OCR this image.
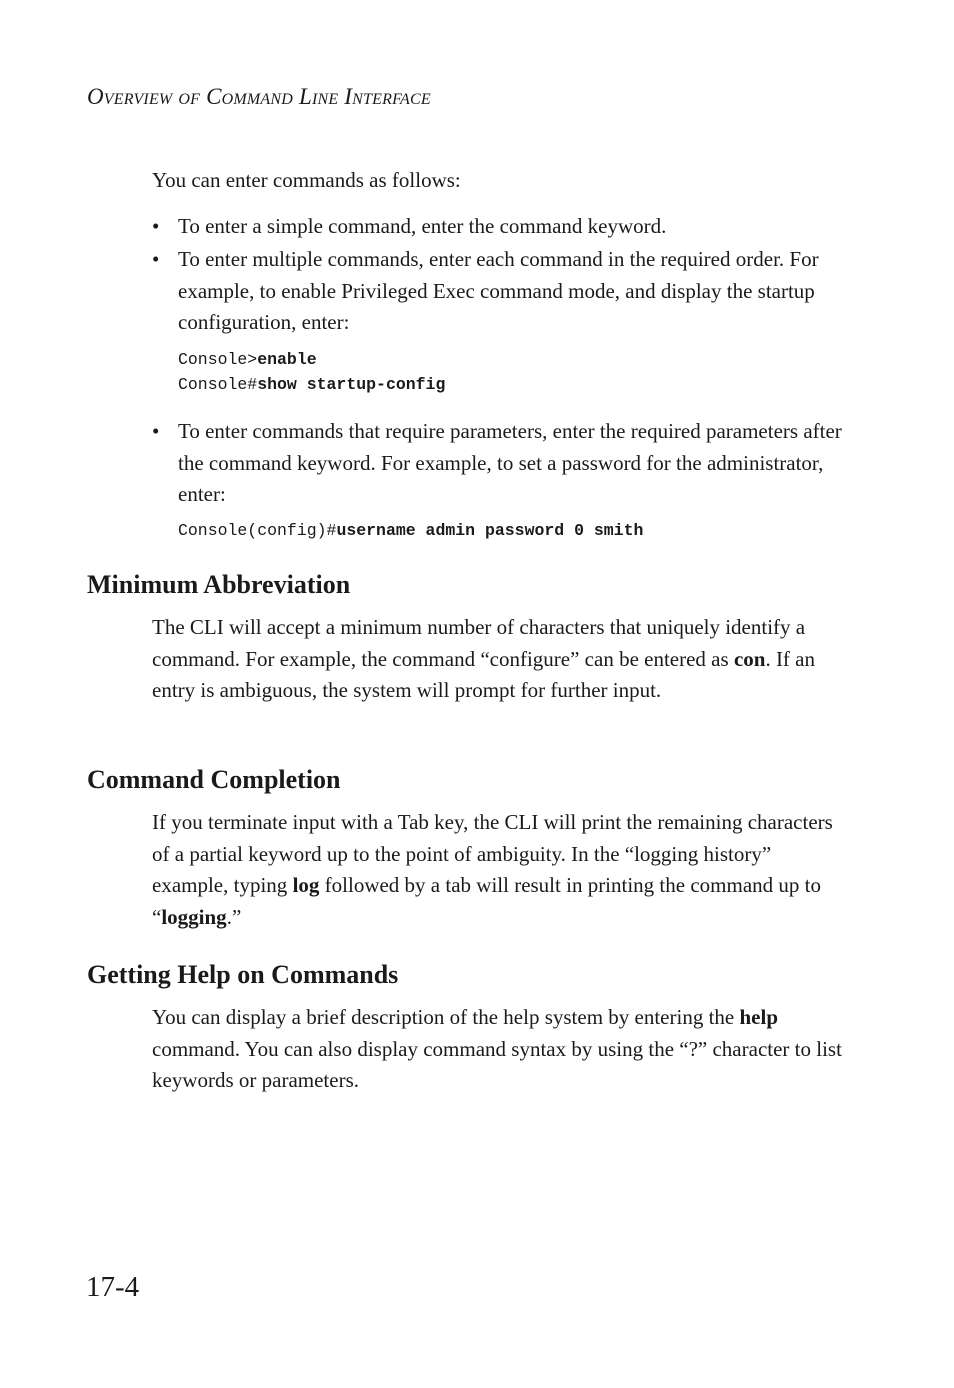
Overview of Command Line Interface

You can enter commands as follows:

• To enter a simple command, enter the command keyword.
• To enter multiple commands, enter each command in the required order. For example, to enable Privileged Exec command mode, and display the startup configuration, enter:
Console>enable
Console#show startup-config
• To enter commands that require parameters, enter the required parameters after the command keyword. For example, to set a password for the administrator, enter:
Console(config)#username admin password 0 smith
Minimum Abbreviation

The CLI will accept a minimum number of characters that uniquely identify a command. For example, the command “configure” can be entered as con. If an entry is ambiguous, the system will prompt for further input.

Command Completion

If you terminate input with a Tab key, the CLI will print the remaining characters of a partial keyword up to the point of ambiguity. In the “logging history” example, typing log followed by a tab will result in printing the command up to “logging.”

Getting Help on Commands

You can display a brief description of the help system by entering the help command. You can also display command syntax by using the “?” character to list keywords or parameters.

17-4
